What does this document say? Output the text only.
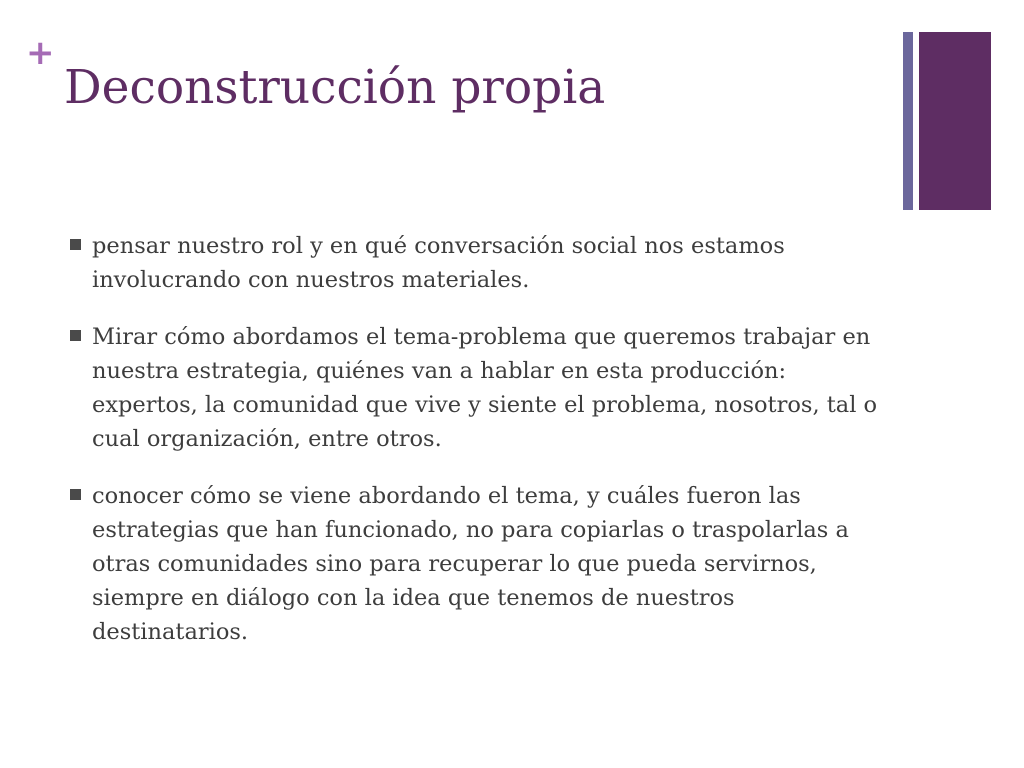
+
Deconstrucción propia
pensar nuestro rol y en qué conversación social nos estamos involucrando con nuestros materiales.
Mirar cómo abordamos el tema-problema que queremos trabajar en nuestra estrategia, quiénes van a hablar en esta producción: expertos, la comunidad que vive y siente el problema, nosotros, tal o cual organización, entre otros.
conocer cómo se viene abordando el tema, y cuáles fueron las estrategias que han funcionado, no para copiarlas o traspolarlas a otras comunidades sino para recuperar lo que pueda servirnos, siempre en diálogo con la idea que tenemos de nuestros destinatarios.
